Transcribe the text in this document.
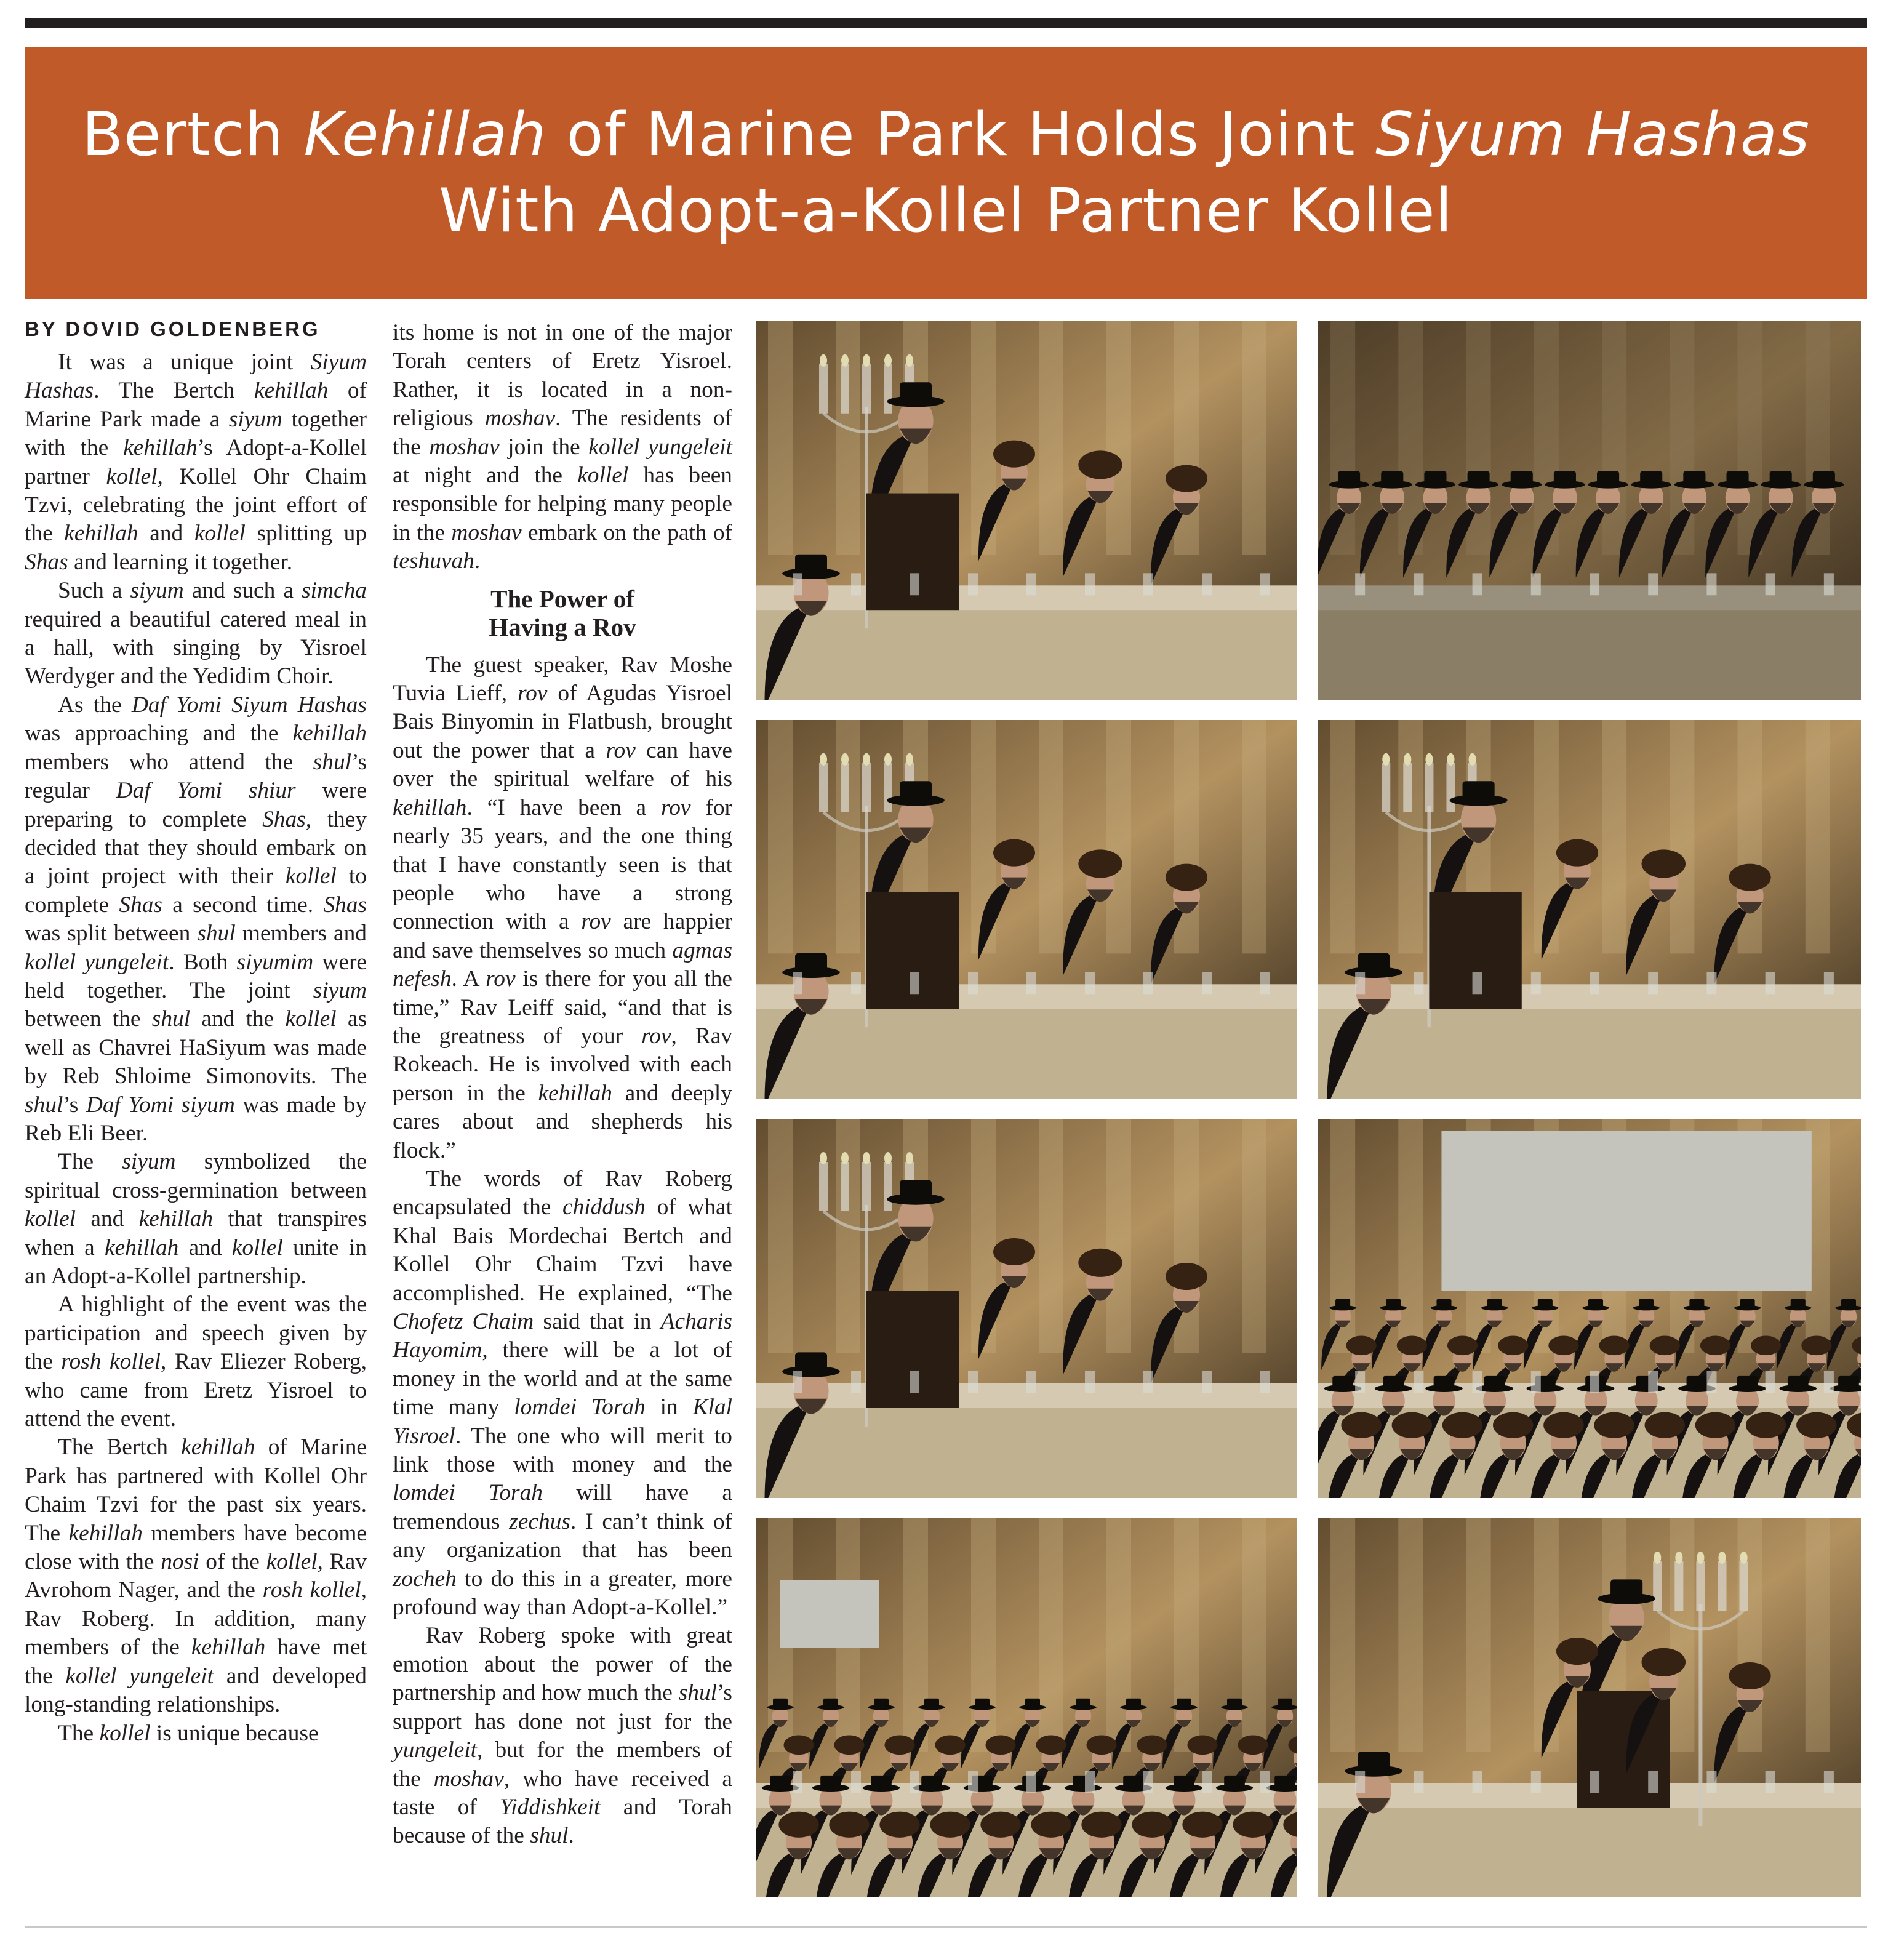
Bertch Kehillah of Marine Park Holds Joint Siyum Hashas
With Adopt-a-Kollel Partner Kollel
BY DOVID GOLDENBERG

It was a unique joint Siyum Hashas. The Bertch kehillah of Marine Park made a siyum together with the kehillah’s Adopt-a-Kollel partner kollel, Kollel Ohr Chaim Tzvi, celebrating the joint effort of the kehillah and kollel splitting up Shas and learning it together.

Such a siyum and such a simcha required a beautiful catered meal in a hall, with singing by Yisroel Werdyger and the Yedidim Choir.

As the Daf Yomi Siyum Hashas was approaching and the kehillah members who attend the shul’s regular Daf Yomi shiur were preparing to complete Shas, they decided that they should embark on a joint project with their kollel to complete Shas a second time. Shas was split between shul members and kollel yungeleit. Both siyumim were held together. The joint siyum between the shul and the kollel as well as Chavrei HaSiyum was made by Reb Shloime Simonovits. The shul’s Daf Yomi siyum was made by Reb Eli Beer.

The siyum symbolized the spiritual cross-germination between kollel and kehillah that transpires when a kehillah and kollel unite in an Adopt-a-Kollel partnership.

A highlight of the event was the participation and speech given by the rosh kollel, Rav Eliezer Roberg, who came from Eretz Yisroel to attend the event.

The Bertch kehillah of Marine Park has partnered with Kollel Ohr Chaim Tzvi for the past six years. The kehillah members have become close with the nosi of the kollel, Rav Avrohom Nager, and the rosh kollel, Rav Roberg. In addition, many members of the kehillah have met the kollel yungeleit and developed long-standing relationships.

The kollel is unique because

its home is not in one of the major Torah centers of Eretz Yisroel. Rather, it is located in a non-religious moshav. The residents of the moshav join the kollel yungeleit at night and the kollel has been responsible for helping many people in the moshav embark on the path of teshuvah.

The Power of
Having a Rov

The guest speaker, Rav Moshe Tuvia Lieff, rov of Agudas Yisroel Bais Binyomin in Flatbush, brought out the power that a rov can have over the spiritual welfare of his kehillah. “I have been a rov for nearly 35 years, and the one thing that I have constantly seen is that people who have a strong connection with a rov are happier and save themselves so much agmas nefesh. A rov is there for you all the time,” Rav Leiff said, “and that is the greatness of your rov, Rav Rokeach. He is involved with each person in the kehillah and deeply cares about and shepherds his flock.”

The words of Rav Roberg encapsulated the chiddush of what Khal Bais Mordechai Bertch and Kollel Ohr Chaim Tzvi have accomplished. He explained, “The Chofetz Chaim said that in Acharis Hayomim, there will be a lot of money in the world and at the same time many lomdei Torah in Klal Yisroel. The one who will merit to link those with money and the lomdei Torah will have a tremendous zechus. I can’t think of any organization that has been zocheh to do this in a greater, more profound way than Adopt-a-Kollel.”

Rav Roberg spoke with great emotion about the power of the partnership and how much the shul’s support has done not just for the yungeleit, but for the members of the moshav, who have received a taste of Yiddishkeit and Torah because of the shul.
